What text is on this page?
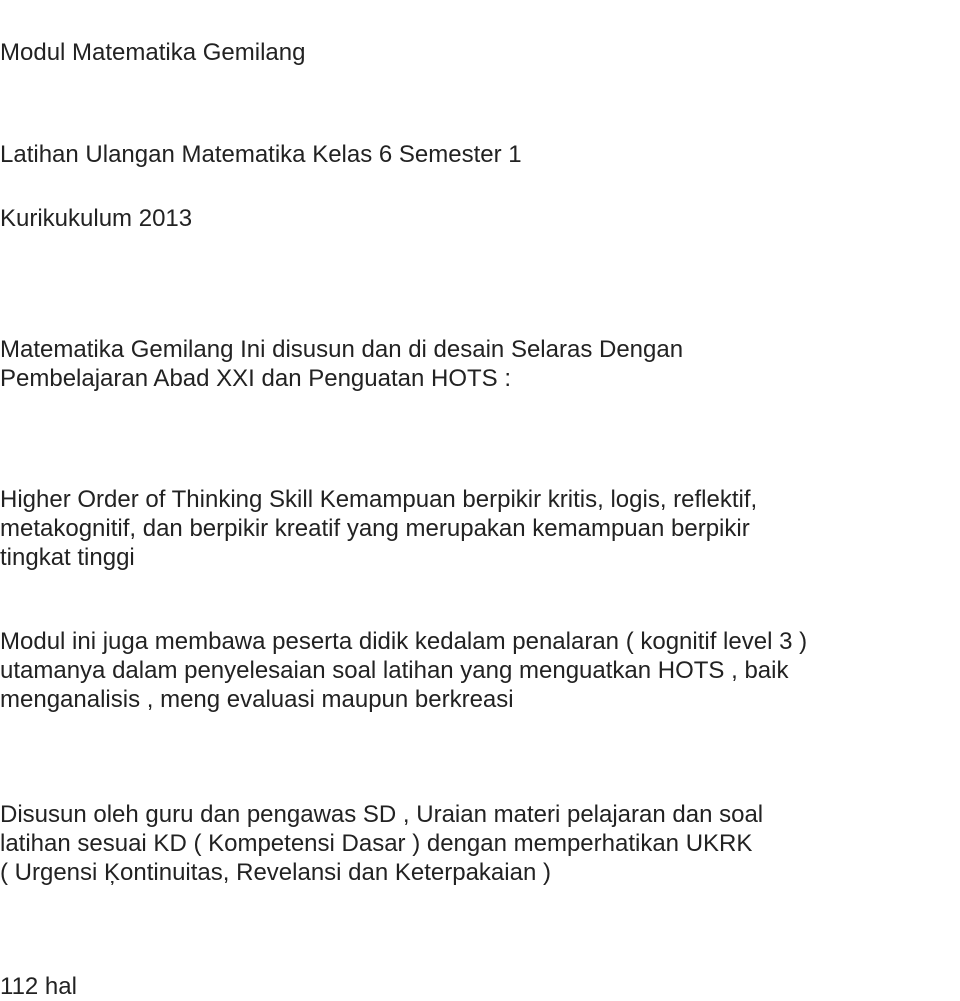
Modul Matematika Gemilang

Latihan Ulangan Matematika Kelas 6 Semester 1

Kurikukulum 2013

Matematika Gemilang Ini disusun dan di desain Selaras Dengan
Pembelajaran Abad XXI dan Penguatan HOTS :

Higher Order of Thinking Skill Kemampuan berpikir kritis, logis, reflektif,
metakognitif, dan berpikir kreatif yang merupakan kemampuan berpikir
tingkat tinggi

Modul ini juga membawa peserta didik kedalam penalaran ( kognitif level 3 )
utamanya dalam penyelesaian soal latihan yang menguatkan HOTS , baik
menganalisis , meng evaluasi maupun berkreasi

Disusun oleh guru dan pengawas SD , Uraian materi pelajaran dan soal
latihan sesuai KD ( Kompetensi Dasar ) dengan memperhatikan UKRK
( Urgensi Ķontinuitas, Revelansi dan Keterpakaian )

112 hal
